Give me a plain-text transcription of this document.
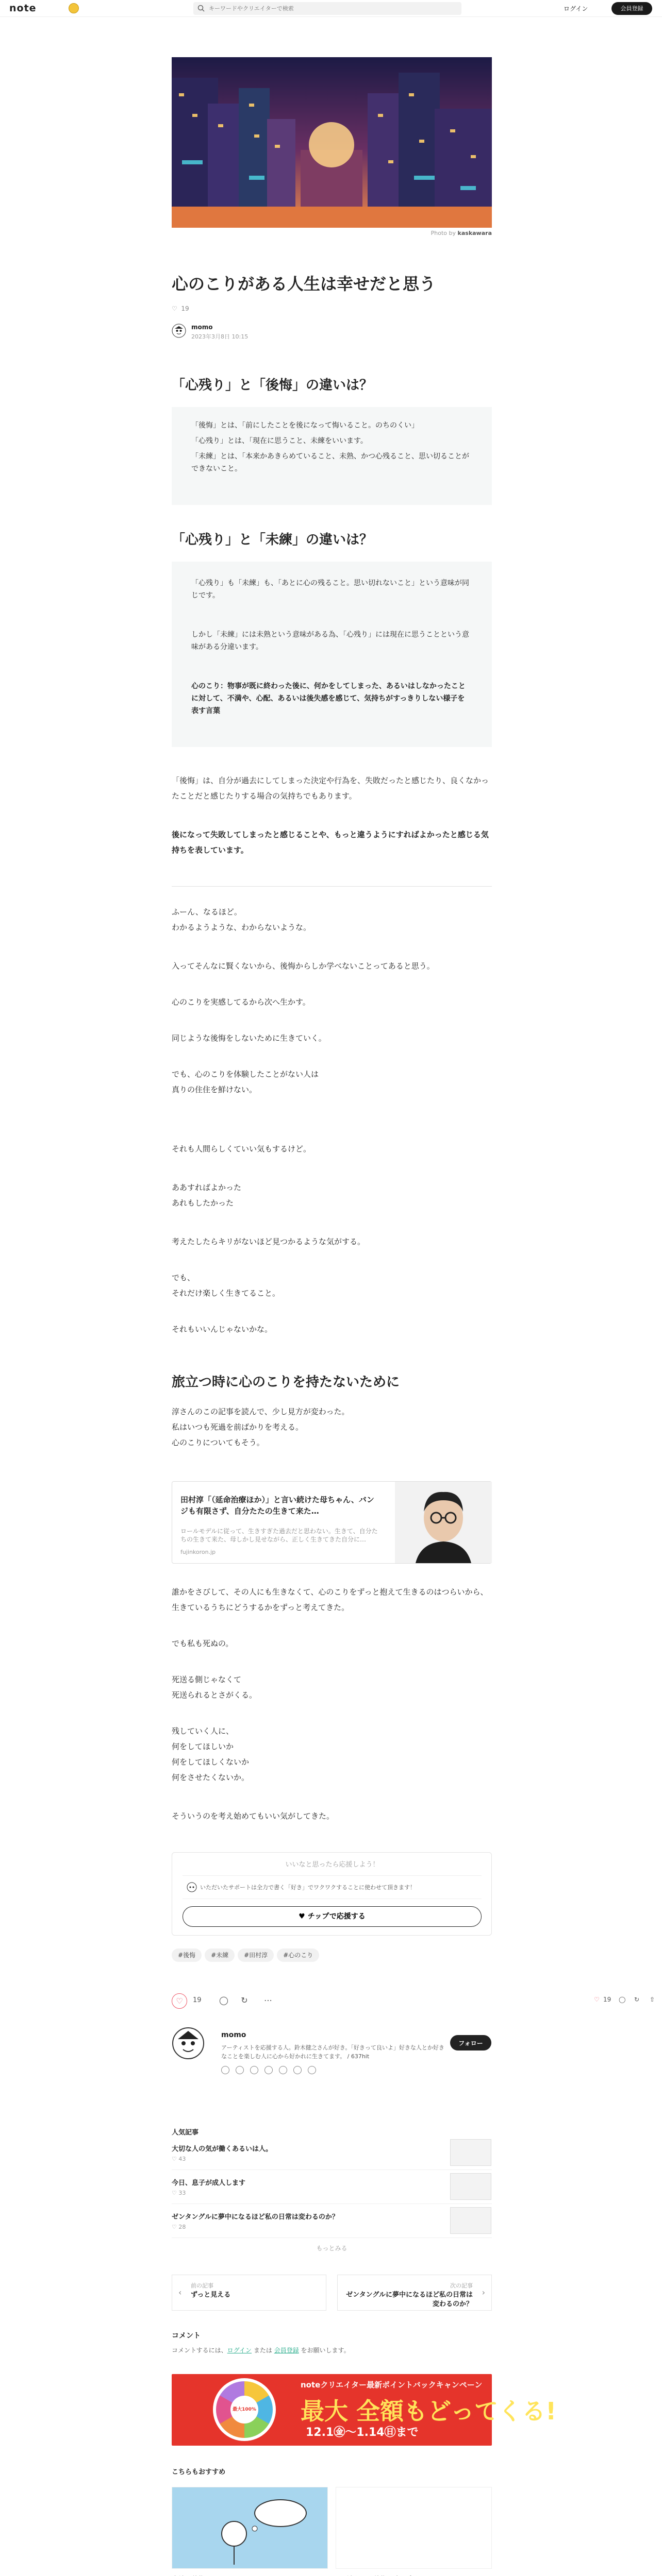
note
キーワードやクリエイターで検索	ログイン	会員登録
Photo by kaskawara
心のこりがある人生は幸せだと思う
♡  19
momo
2023年3月8日 10:15
「心残り」と「後悔」の違いは？

「後悔」とは、「前にしたことを後になって悔いること。のちのくい」

「心残り」とは、「現在に思うこと、未練をいいます。

「未練」とは、「本来かあきらめていること、未熟、かつ心残ること、思い切ることができないこと。

「心残り」と「未練」の違いは？

「心残り」も「未練」も、「あとに心の残ること。思い切れないこと」という意味が同じです。

しかし「未練」には未熟という意味がある為、「心残り」には現在に思うことという意味がある分違います。

心のこり：物事が既に終わった後に、何かをしてしまった、あるいはしなかったことに対して、不満や、心配、あるいは後失感を感じて、気持ちがすっきりしない様子を表す言葉

「後悔」は、自分が過去にしてしまった決定や行為を、失敗だったと感じたり、良くなかったことだと感じたりする場合の気持ちでもあります。

後になって失敗してしまったと感じることや、もっと違うようにすればよかったと感じる気持ちを表しています。

ふーん、なるほど。

わかるようような、わからないような。

入ってそんなに賢くないから、後悔からしか学べないことってあると思う。

心のこりを実感してるから次へ生かす。

同じような後悔をしないために生きていく。

でも、心のこりを体験したことがない人は

真りの住住を鮮けない。

それも人間らしくていい気もするけど。

ああすればよかった

あれもしたかった

考えたしたらキリがないほど見つかるような気がする。

でも、

それだけ楽しく生きてること。

それもいいんじゃないかな。

旅立つ時に心のこりを持たないために

淳さんのこの記事を読んで、少し見方が変わった。

私はいつも死過を前ばかりを考える。

心のこりについてもそう。

田村淳「（延命治療ほか）」と言い続けた母ちゃん、バンジも有限さず、自分たたの生きて来た…
ロールモデルに従って、生きすぎた過去だと思わない。生きて、自分たちの生きて来た、母しかし見せながら、正しく生きてきた自分に…
fujinkoron.jp

誰かをさびして、その人にも生きなくて、心のこりをずっと抱えて生きるのはつらいから、生きているうちにどうするかをずっと考えてきた。

でも私も死ぬの。

死送る側じゃなくて

死送られるとさがくる。

残していく人に、

何をしてほしいか

何をしてほしくないか

何をさせたくないか。

そういうのを考え始めてもいい気がしてきた。

いいなと思ったら応援しよう！
いただいたサポートは全力で書く「好き」でワクワクすることに使わせて頂きます！
♥ チップで応援する
#後悔	#未練	#田村淳	#心のこり
♡	19 ◯	↻	⋯	♡ 19 ◯ ↻ ⇧
momo
アーティストを応援する人。鈴木健之さんが好き。「好きって良いよ」好きな人とか好きなことを楽しむ人に心から好かれに生きてます。 / 637hit
フォロー
人気記事
大切な人の気が働くあるいは人。
♡ 43
今日、息子が成人します
♡ 33
ゼンタングルに夢中になるほど私の日常は変わるのか？
♡ 28
もっとみる
前の記事
ずっと見える
‹
次の記事
ゼンタングルに夢中になるほど私の日常は変わるのか？
›
コメント
コメントするには、ログイン または 会員登録 をお願いします。
最大100%
noteクリエイター最新ポイントバックキャンペーン
最大 全額もどってくる!
12.1㊎～1.14㊐まで
こちらもおすすめ
